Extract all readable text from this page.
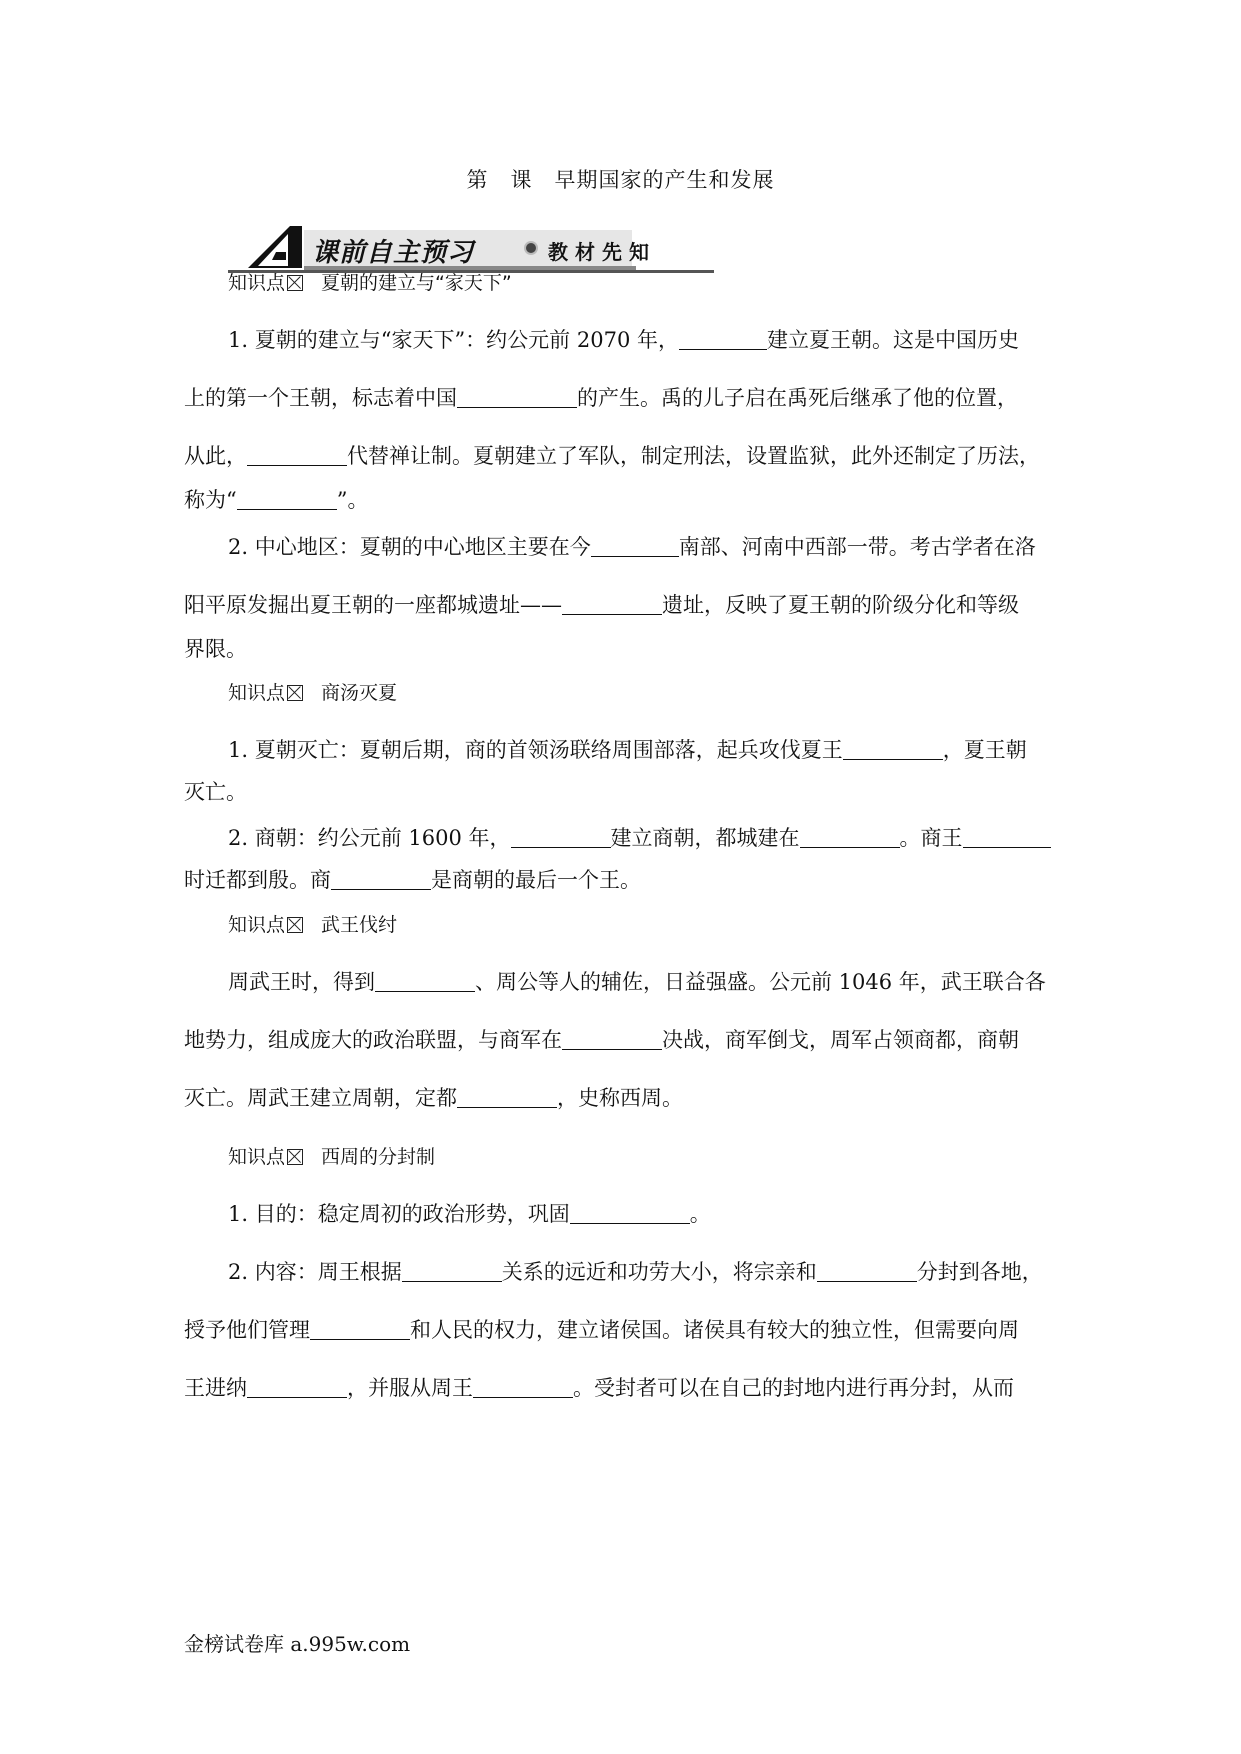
第　课　早期国家的产生和发展
课前自主预习	教材先知
知识点 夏朝的建立与“家天下”
1. 夏朝的建立与“家天下”：约公元前 2070 年，	建立夏王朝。这是中国历史
上的第一个王朝，标志着中国	的产生。禹的儿子启在禹死后继承了他的位置，
从此，	代替禅让制。夏朝建立了军队，制定刑法，设置监狱，此外还制定了历法，
称为“	”。
2. 中心地区：夏朝的中心地区主要在今	南部、河南中西部一带。考古学者在洛
阳平原发掘出夏王朝的一座都城遗址——	遗址，反映了夏王朝的阶级分化和等级
界限。
知识点 商汤灭夏
1. 夏朝灭亡：夏朝后期，商的首领汤联络周围部落，起兵攻伐夏王	，夏王朝
灭亡。
2. 商朝：约公元前 1600 年，	建立商朝，都城建在	。商王
时迁都到殷。商	是商朝的最后一个王。
知识点 武王伐纣
周武王时，得到	、周公等人的辅佐，日益强盛。公元前 1046 年，武王联合各
地势力，组成庞大的政治联盟，与商军在	决战，商军倒戈，周军占领商都，商朝
灭亡。周武王建立周朝，定都	，史称西周。
知识点 西周的分封制
1. 目的：稳定周初的政治形势，巩固	。
2. 内容：周王根据	关系的远近和功劳大小，将宗亲和	分封到各地，
授予他们管理	和人民的权力，建立诸侯国。诸侯具有较大的独立性，但需要向周
王进纳	，并服从周王	。受封者可以在自己的封地内进行再分封，从而
金榜试卷库 a.995w.com
